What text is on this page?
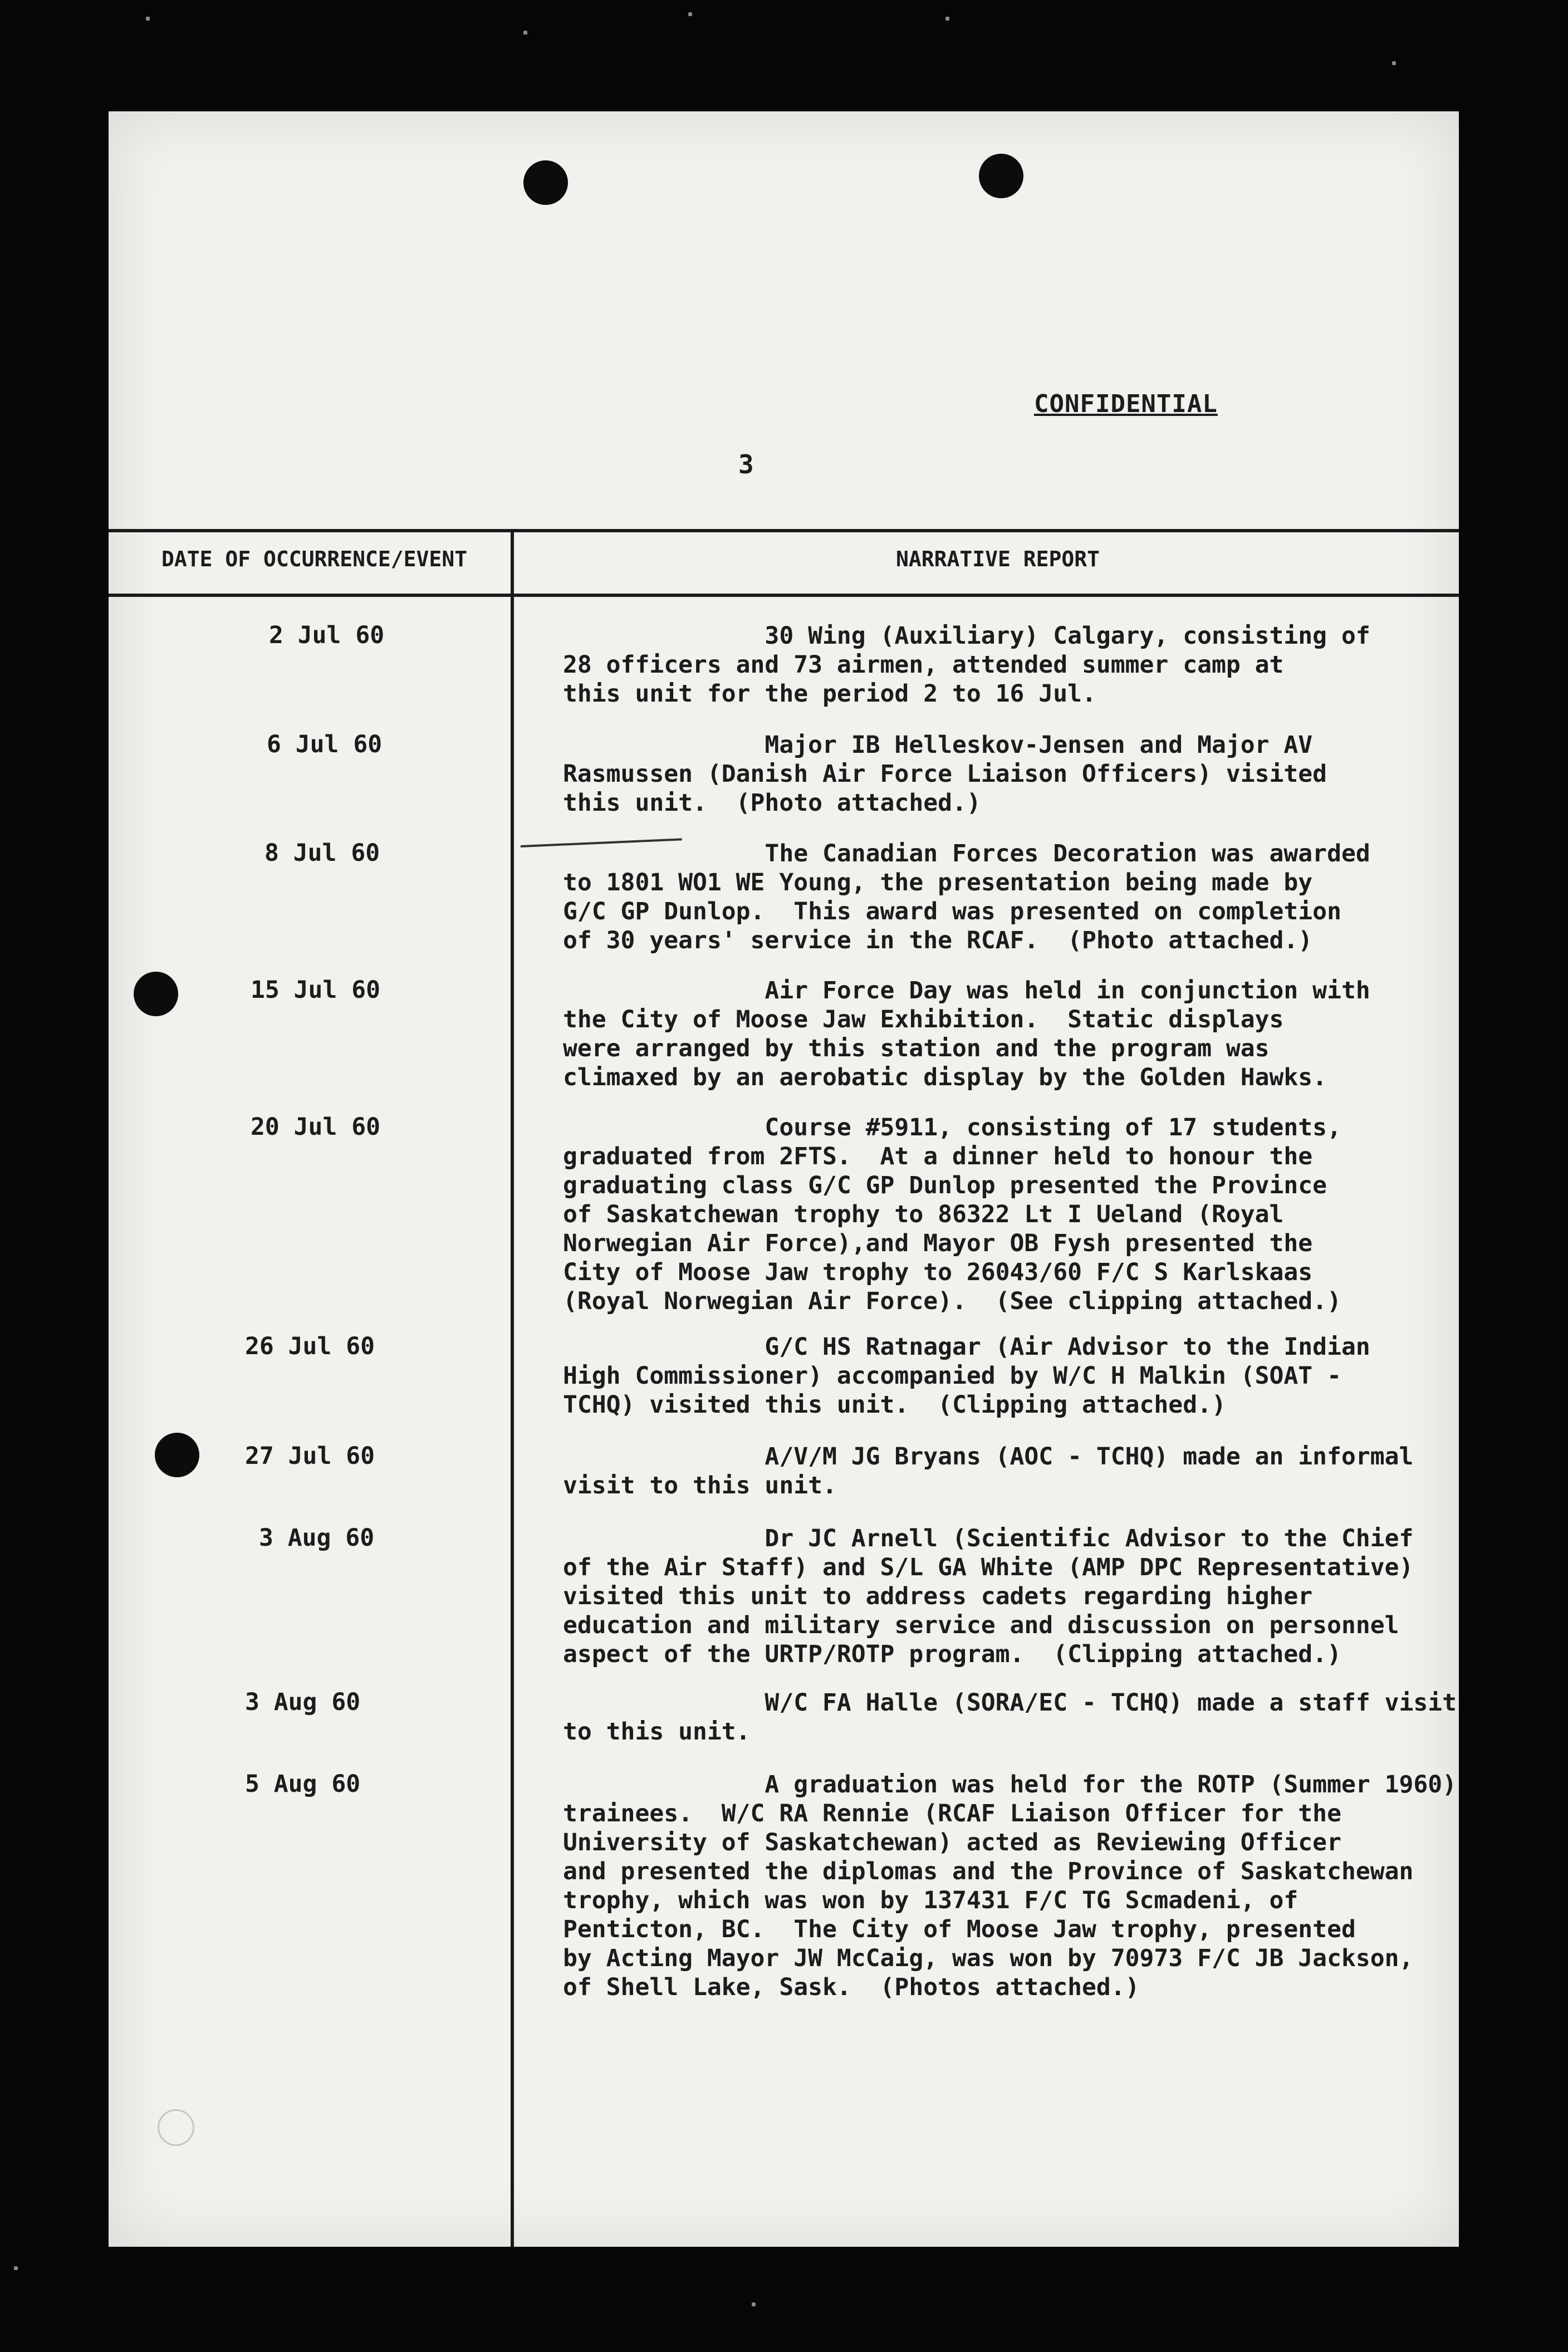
CONFIDENTIAL
3
DATE OF OCCURRENCE/EVENT	NARRATIVE REPORT
2 Jul 60	30 Wing (Auxiliary) Calgary, consisting of
28 officers and 73 airmen, attended summer camp at
this unit for the period 2 to 16 Jul.
6 Jul 60	Major IB Helleskov-Jensen and Major AV
Rasmussen (Danish Air Force Liaison Officers) visited
this unit.  (Photo attached.)
8 Jul 60	The Canadian Forces Decoration was awarded
to 1801 WO1 WE Young, the presentation being made by
G/C GP Dunlop.  This award was presented on completion
of 30 years' service in the RCAF.  (Photo attached.)
15 Jul 60	Air Force Day was held in conjunction with
the City of Moose Jaw Exhibition.  Static displays
were arranged by this station and the program was
climaxed by an aerobatic display by the Golden Hawks.
20 Jul 60	Course #5911, consisting of 17 students,
graduated from 2FTS.  At a dinner held to honour the
graduating class G/C GP Dunlop presented the Province
of Saskatchewan trophy to 86322 Lt I Ueland (Royal
Norwegian Air Force),and Mayor OB Fysh presented the
City of Moose Jaw trophy to 26043/60 F/C S Karlskaas
(Royal Norwegian Air Force).  (See clipping attached.)
26 Jul 60	G/C HS Ratnagar (Air Advisor to the Indian
High Commissioner) accompanied by W/C H Malkin (SOAT -
TCHQ) visited this unit.  (Clipping attached.)
27 Jul 60	A/V/M JG Bryans (AOC - TCHQ) made an informal
visit to this unit.
3 Aug 60	Dr JC Arnell (Scientific Advisor to the Chief
of the Air Staff) and S/L GA White (AMP DPC Representative)
visited this unit to address cadets regarding higher
education and military service and discussion on personnel
aspect of the URTP/ROTP program.  (Clipping attached.)
3 Aug 60	W/C FA Halle (SORA/EC - TCHQ) made a staff visit
to this unit.
5 Aug 60	A graduation was held for the ROTP (Summer 1960)
trainees.  W/C RA Rennie (RCAF Liaison Officer for the
University of Saskatchewan) acted as Reviewing Officer
and presented the diplomas and the Province of Saskatchewan
trophy, which was won by 137431 F/C TG Scmadeni, of
Penticton, BC.  The City of Moose Jaw trophy, presented
by Acting Mayor JW McCaig, was won by 70973 F/C JB Jackson,
of Shell Lake, Sask.  (Photos attached.)
